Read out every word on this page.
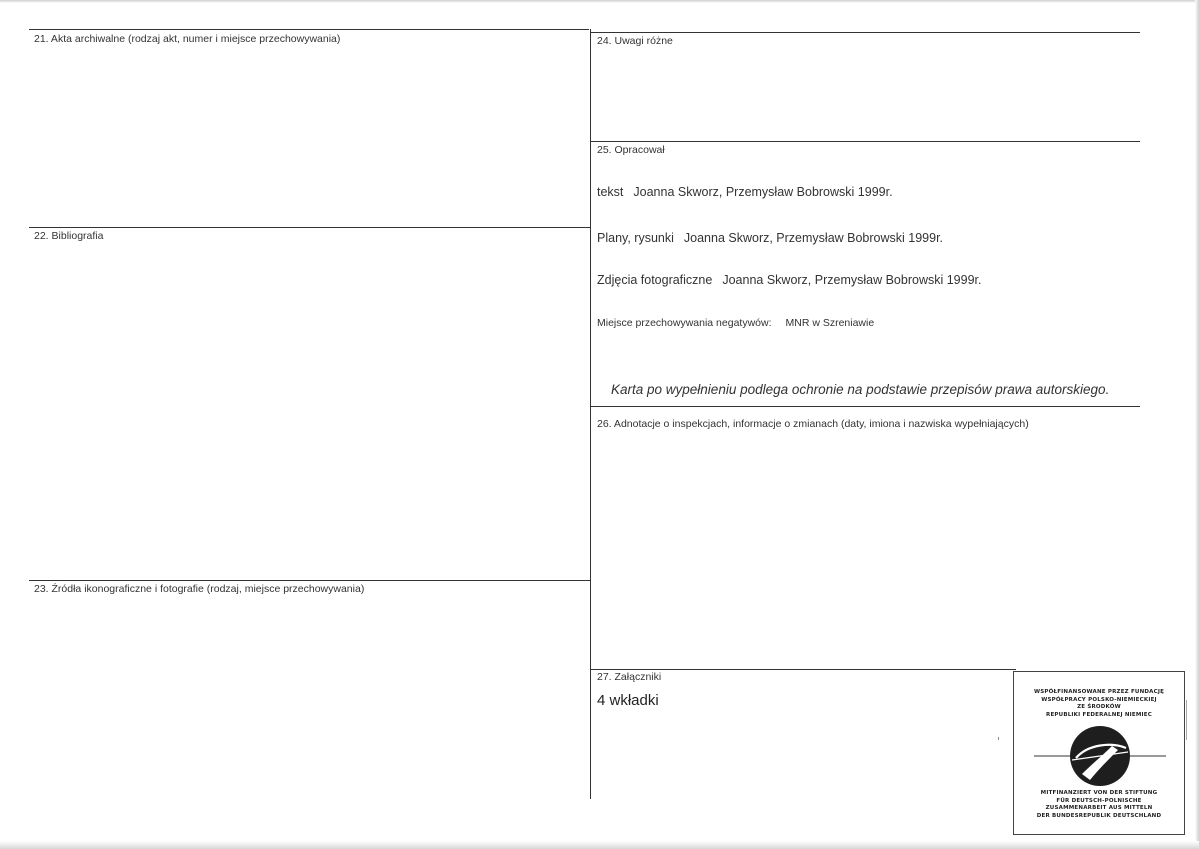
21. Akta archiwalne (rodzaj akt, numer i miejsce przechowywania)
22. Bibliografia
23. Źródła ikonograficzne i fotografie (rodzaj, miejsce przechowywania)
24. Uwagi różne
25. Opracował
tekst Joanna Skworz, Przemysław Bobrowski 1999r.
Plany, rysunki Joanna Skworz, Przemysław Bobrowski 1999r.
Zdjęcia fotograficzne Joanna Skworz, Przemysław Bobrowski 1999r.
Miejsce przechowywania negatywów: MNR w Szreniawie
Karta po wypełnieniu podlega ochronie na podstawie przepisów prawa autorskiego.
26. Adnotacje o inspekcjach, informacje o zmianach (daty, imiona i nazwiska wypełniających)
27. Załączniki
4 wkładki	WSPÓŁFINANSOWANE PRZEZ FUNDACJĘ
WSPÓŁPRACY POLSKO-NIEMIECKIEJ
ZE ŚRODKÓW
REPUBLIKI FEDERALNEJ NIEMIEC
MITFINANZIERT VON DER STIFTUNG
FÜR DEUTSCH-POLNISCHE
ZUSAMMENARBEIT AUS MITTELN
DER BUNDESREPUBLIK DEUTSCHLAND
